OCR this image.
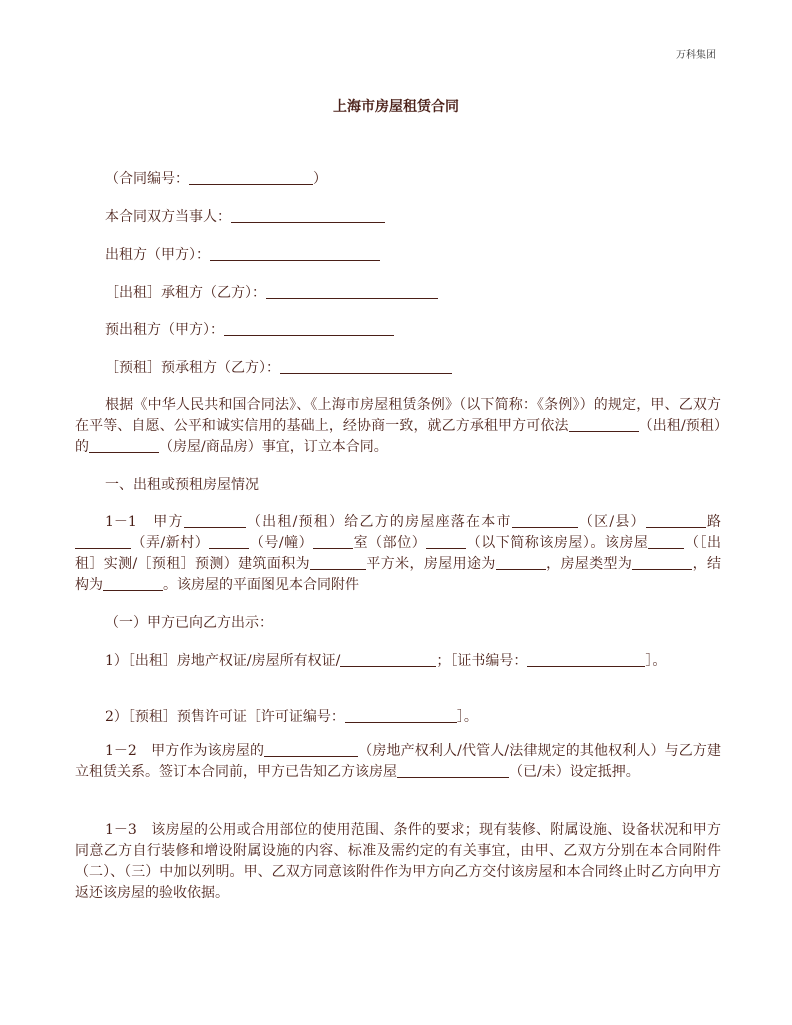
万科集团
上海市房屋租赁合同
（合同编号：	）
本合同双方当事人：
出租方（甲方）：
［出租］承租方（乙方）：
预出租方（甲方）：
［预租］预承租方（乙方）：
根据《中华人民共和国合同法》、《上海市房屋租赁条例》（以下简称：《条例》）的规定，甲、乙双方在平等、自愿、公平和诚实信用的基础上，经协商一致，就乙方承租甲方可依法	（出租/预租）的	（房屋/商品房）事宜，订立本合同。
一、出租或预租房屋情况
1－1　甲方	（出租/预租）给乙方的房屋座落在本市	（区/县）	路（弄/新村）	（号/幢）	室（部位）	（以下简称该房屋）。该房屋	（［出租］实测/［预租］预测）建筑面积为	平方米，房屋用途为	，房屋类型为	，结构为	。该房屋的平面图见本合同附件
（一）甲方已向乙方出示：
1）［出租］房地产权证/房屋所有权证/	；［证书编号：	］。
2）［预租］预售许可证［许可证编号：	］。
1－2　甲方作为该房屋的	（房地产权利人/代管人/法律规定的其他权利人）与乙方建立租赁关系。签订本合同前，甲方已告知乙方该房屋	（已/未）设定抵押。
1－3　该房屋的公用或合用部位的使用范围、条件的要求；现有装修、附属设施、设备状况和甲方同意乙方自行装修和增设附属设施的内容、标准及需约定的有关事宜，由甲、乙双方分别在本合同附件（二）、（三）中加以列明。甲、乙双方同意该附件作为甲方向乙方交付该房屋和本合同终止时乙方向甲方返还该房屋的验收依据。
